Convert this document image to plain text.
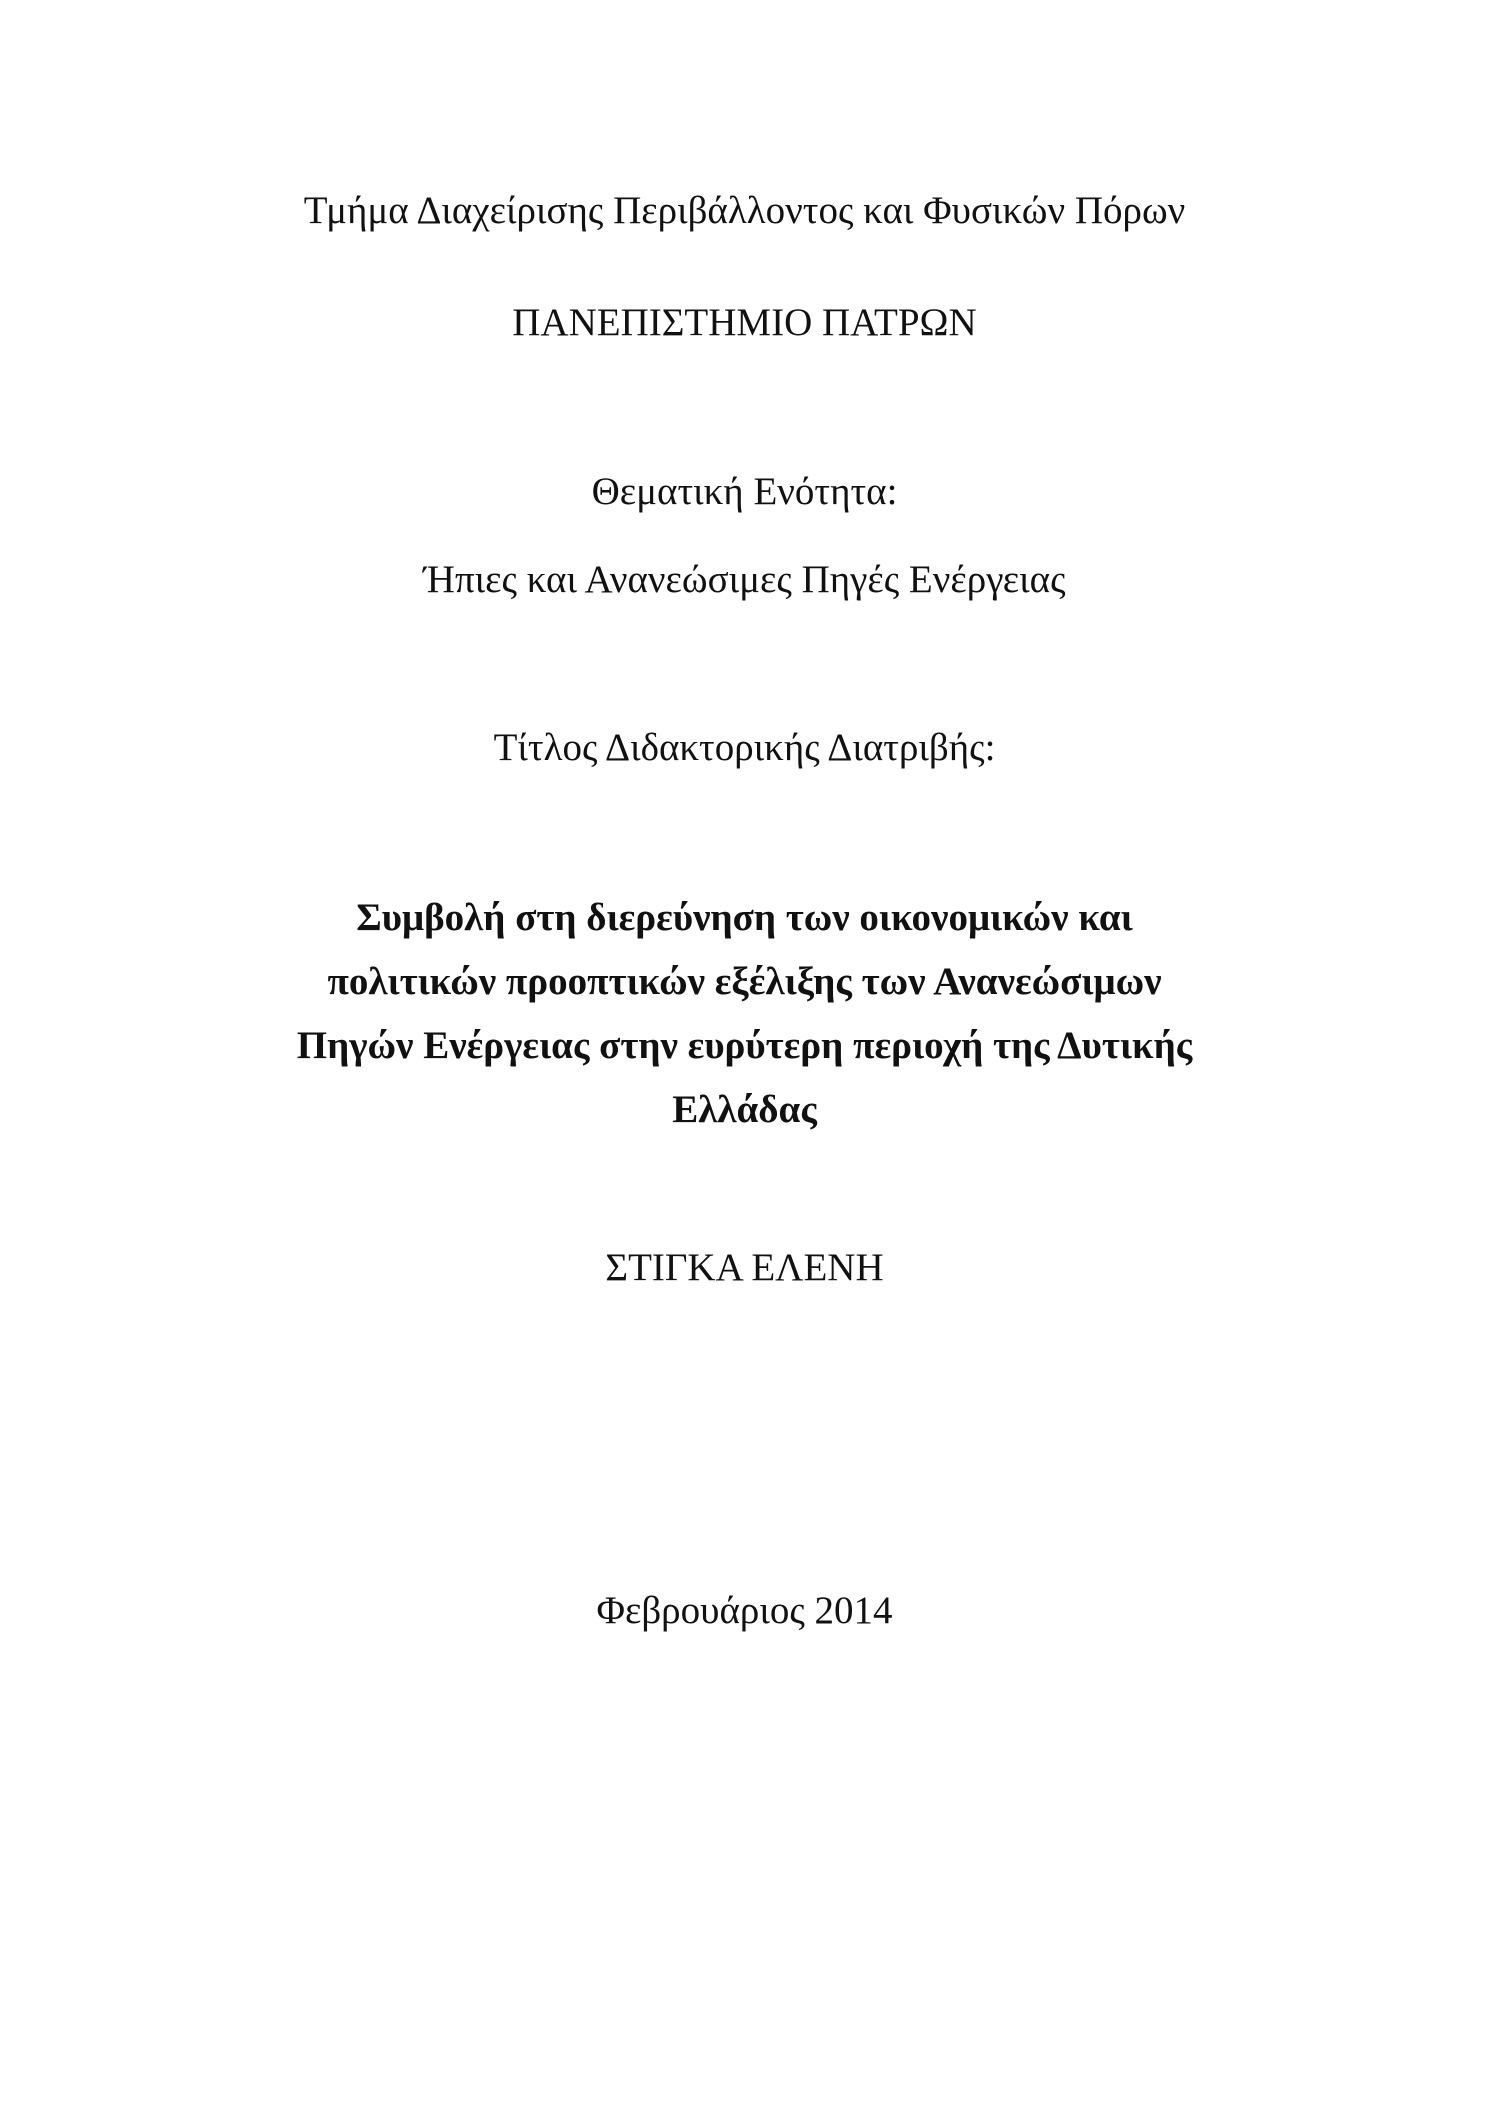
Τμήμα Διαχείρισης Περιβάλλοντος και Φυσικών Πόρων
ΠΑΝΕΠΙΣΤΗΜΙΟ ΠΑΤΡΩΝ
Θεματική Ενότητα:
Ήπιες και Ανανεώσιμες Πηγές Ενέργειας
Τίτλος Διδακτορικής Διατριβής:
Συμβολή στη διερεύνηση των οικονομικών και
πολιτικών προοπτικών εξέλιξης των Ανανεώσιμων
Πηγών Ενέργειας στην ευρύτερη περιοχή της Δυτικής
Ελλάδας
ΣΤΙΓΚΑ ΕΛΕΝΗ
Φεβρουάριος 2014
